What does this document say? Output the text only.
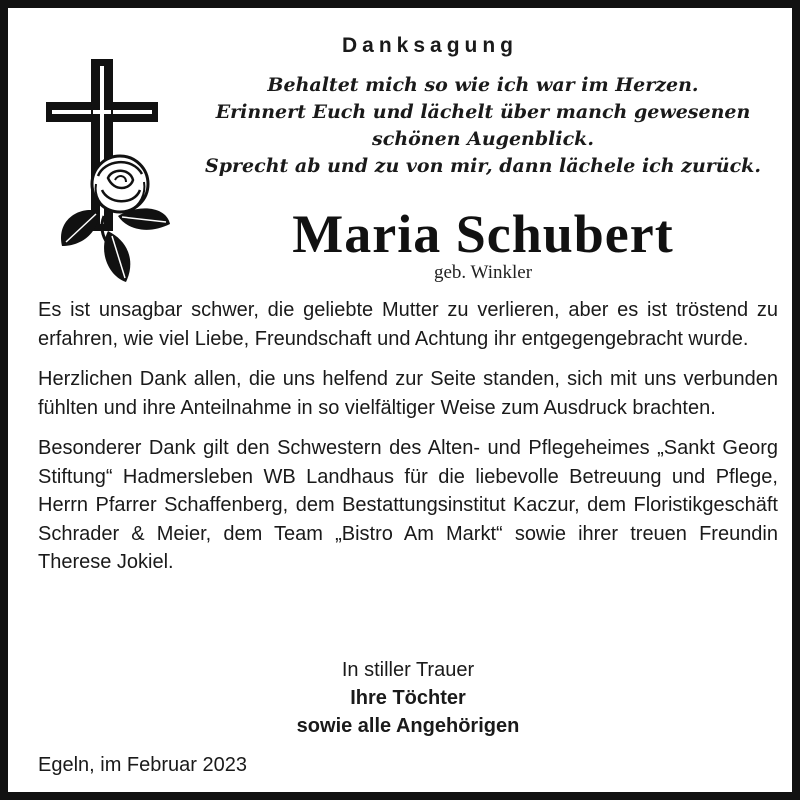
Danksagung
Behaltet mich so wie ich war im Herzen.
Erinnert Euch und lächelt über manch gewesenen
schönen Augenblick.
Sprecht ab und zu von mir, dann lächele ich zurück.
Maria Schubert
geb. Winkler

Es ist unsagbar schwer, die geliebte Mutter zu verlieren, aber es ist tröstend zu erfahren, wie viel Liebe, Freundschaft und Achtung ihr entgegengebracht wurde.

Herzlichen Dank allen, die uns helfend zur Seite standen, sich mit uns verbunden fühlten und ihre Anteilnahme in so vielfältiger Weise zum Ausdruck brachten.

Besonderer Dank gilt den Schwestern des Alten- und Pflegeheimes „Sankt Georg Stiftung“ Hadmersleben WB Landhaus für die liebevolle Betreuung und Pflege, Herrn Pfarrer Schaffenberg, dem Bestattungsinstitut Kaczur, dem Floristikgeschäft Schrader & Meier, dem Team „Bistro Am Markt“ sowie ihrer treuen Freundin Therese Jokiel.

In stiller Trauer
Ihre Töchter
sowie alle Angehörigen
Egeln, im Februar 2023
